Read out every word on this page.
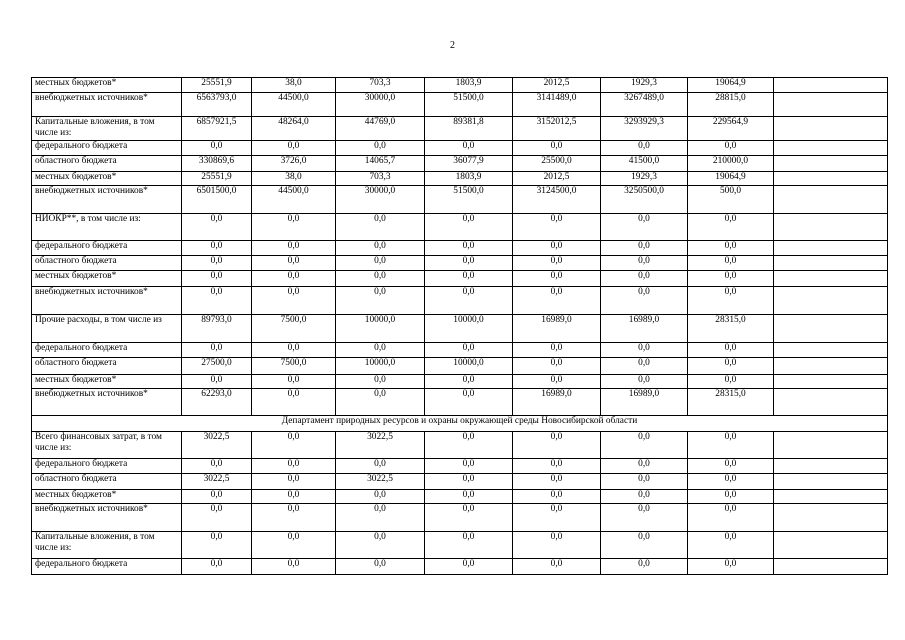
2
местных бюджетов*	25551,9	38,0	703,3	1803,9	2012,5	1929,3	19064,9	
внебюджетных источников*	6563793,0	44500,0	30000,0	51500,0	3141489,0	3267489,0	28815,0	
Капитальные вложения, в том числе из:	6857921,5	48264,0	44769,0	89381,8	3152012,5	3293929,3	229564,9	
федерального бюджета	0,0	0,0	0,0	0,0	0,0	0,0	0,0	
областного бюджета	330869,6	3726,0	14065,7	36077,9	25500,0	41500,0	210000,0	
местных бюджетов*	25551,9	38,0	703,3	1803,9	2012,5	1929,3	19064,9	
внебюджетных источников*	6501500,0	44500,0	30000,0	51500,0	3124500,0	3250500,0	500,0	
НИОКР**, в том числе из:	0,0	0,0	0,0	0,0	0,0	0,0	0,0	
федерального бюджета	0,0	0,0	0,0	0,0	0,0	0,0	0,0	
областного бюджета	0,0	0,0	0,0	0,0	0,0	0,0	0,0	
местных бюджетов*	0,0	0,0	0,0	0,0	0,0	0,0	0,0	
внебюджетных источников*	0,0	0,0	0,0	0,0	0,0	0,0	0,0	
Прочие расходы, в том числе из	89793,0	7500,0	10000,0	10000,0	16989,0	16989,0	28315,0	
федерального бюджета	0,0	0,0	0,0	0,0	0,0	0,0	0,0	
областного бюджета	27500,0	7500,0	10000,0	10000,0	0,0	0,0	0,0	
местных бюджетов*	0,0	0,0	0,0	0,0	0,0	0,0	0,0	
внебюджетных источников*	62293,0	0,0	0,0	0,0	16989,0	16989,0	28315,0	
Департамент природных ресурсов и охраны окружающей среды Новосибирской области								
Всего финансовых затрат, в том числе из:	3022,5	0,0	3022,5	0,0	0,0	0,0	0,0	
федерального бюджета	0,0	0,0	0,0	0,0	0,0	0,0	0,0	
областного бюджета	3022,5	0,0	3022,5	0,0	0,0	0,0	0,0	
местных бюджетов*	0,0	0,0	0,0	0,0	0,0	0,0	0,0	
внебюджетных источников*	0,0	0,0	0,0	0,0	0,0	0,0	0,0	
Капитальные вложения, в том числе из:	0,0	0,0	0,0	0,0	0,0	0,0	0,0	
федерального бюджета	0,0	0,0	0,0	0,0	0,0	0,0	0,0	
